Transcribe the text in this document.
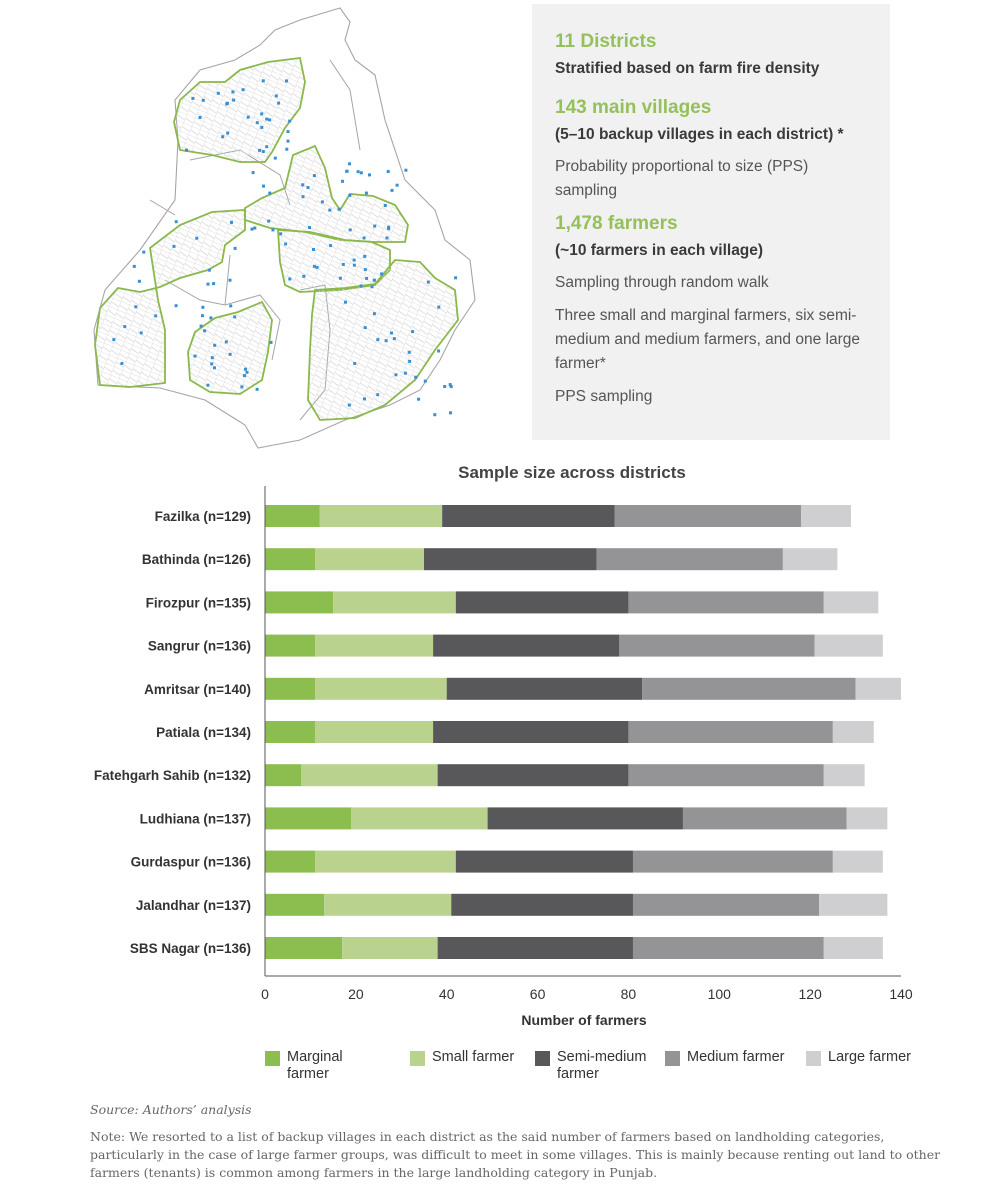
11 Districts
Stratified based on farm fire density
143 main villages
(5–10 backup villages in each district) *
Probability proportional to size (PPS) sampling
1,478 farmers
(~10 farmers in each village)
Sampling through random walk
Three small and marginal farmers, six semi-medium and medium farmers, and one large farmer*
PPS sampling
Sample size across districts
Fazilka (n=129)
Bathinda (n=126)
Firozpur (n=135)
Sangrur (n=136)
Amritsar (n=140)
Patiala (n=134)
Fatehgarh Sahib (n=132)
Ludhiana (n=137)
Gurdaspur (n=136)
Jalandhar (n=137)
SBS Nagar (n=136)
0	20	40	60	80	100	120	140
Number of farmers
Marginal farmer
Small farmer	Semi-medium farmer
Medium farmer	Large farmer
Source: Authors’ analysis
Note: We resorted to a list of backup villages in each district as the said number of farmers based on landholding categories, particularly in the case of large farmer groups, was difficult to meet in some villages. This is mainly because renting out land to other farmers (tenants) is common among farmers in the large landholding category in Punjab.
